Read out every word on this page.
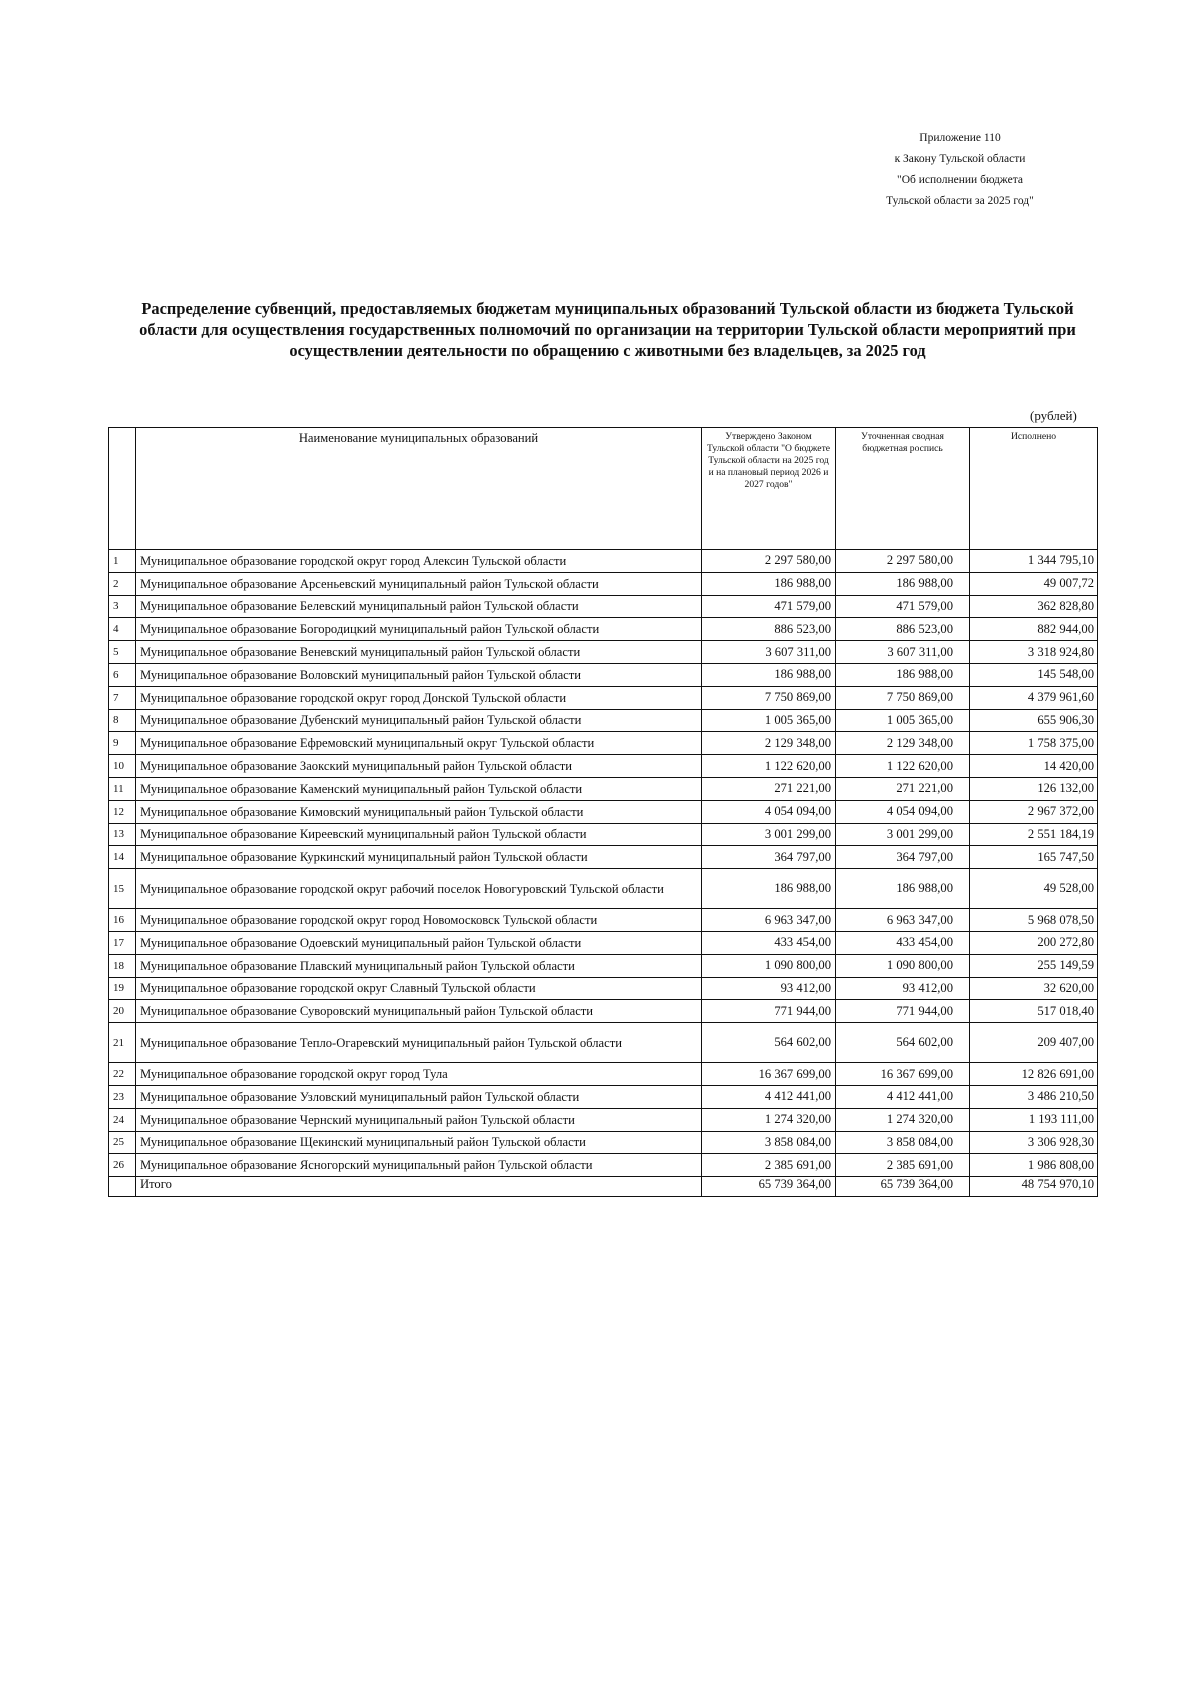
Приложение 110
к Закону Тульской области
"Об исполнении бюджета
Тульской области за 2025 год"
Распределение субвенций, предоставляемых бюджетам муниципальных образований Тульской области из бюджета Тульской области для осуществления государственных полномочий по организации на территории Тульской области мероприятий при осуществлении деятельности по обращению с животными без владельцев, за 2025 год
(рублей)
	Наименование муниципальных образований	Утверждено Законом Тульской области "О бюджете Тульской области на 2025 год и на плановый период 2026 и 2027 годов"	Уточненная сводная бюджетная роспись	Исполнено
1	Муниципальное образование городской округ город Алексин Тульской области	2 297 580,00	2 297 580,00	1 344 795,10
2	Муниципальное образование Арсеньевский муниципальный район Тульской области	186 988,00	186 988,00	49 007,72
3	Муниципальное образование Белевский муниципальный район Тульской области	471 579,00	471 579,00	362 828,80
4	Муниципальное образование Богородицкий муниципальный район Тульской области	886 523,00	886 523,00	882 944,00
5	Муниципальное образование Веневский муниципальный район Тульской области	3 607 311,00	3 607 311,00	3 318 924,80
6	Муниципальное образование Воловский муниципальный район Тульской области	186 988,00	186 988,00	145 548,00
7	Муниципальное образование городской округ город Донской Тульской области	7 750 869,00	7 750 869,00	4 379 961,60
8	Муниципальное образование Дубенский муниципальный район Тульской области	1 005 365,00	1 005 365,00	655 906,30
9	Муниципальное образование Ефремовский муниципальный округ Тульской области	2 129 348,00	2 129 348,00	1 758 375,00
10	Муниципальное образование Заокский муниципальный район Тульской области	1 122 620,00	1 122 620,00	14 420,00
11	Муниципальное образование Каменский муниципальный район Тульской области	271 221,00	271 221,00	126 132,00
12	Муниципальное образование Кимовский муниципальный район Тульской области	4 054 094,00	4 054 094,00	2 967 372,00
13	Муниципальное образование Киреевский муниципальный район Тульской области	3 001 299,00	3 001 299,00	2 551 184,19
14	Муниципальное образование Куркинский муниципальный район Тульской области	364 797,00	364 797,00	165 747,50
15	Муниципальное образование городской округ рабочий поселок Новогуровский Тульской области	186 988,00	186 988,00	49 528,00
16	Муниципальное образование городской округ город Новомосковск Тульской области	6 963 347,00	6 963 347,00	5 968 078,50
17	Муниципальное образование Одоевский муниципальный район Тульской области	433 454,00	433 454,00	200 272,80
18	Муниципальное образование Плавский муниципальный район Тульской области	1 090 800,00	1 090 800,00	255 149,59
19	Муниципальное образование городской округ Славный Тульской области	93 412,00	93 412,00	32 620,00
20	Муниципальное образование Суворовский муниципальный район Тульской области	771 944,00	771 944,00	517 018,40
21	Муниципальное образование Тепло-Огаревский муниципальный район Тульской области	564 602,00	564 602,00	209 407,00
22	Муниципальное образование городской округ город Тула	16 367 699,00	16 367 699,00	12 826 691,00
23	Муниципальное образование Узловский муниципальный район Тульской области	4 412 441,00	4 412 441,00	3 486 210,50
24	Муниципальное образование Чернский муниципальный район Тульской области	1 274 320,00	1 274 320,00	1 193 111,00
25	Муниципальное образование Щекинский муниципальный район Тульской области	3 858 084,00	3 858 084,00	3 306 928,30
26	Муниципальное образование Ясногорский муниципальный район Тульской области	2 385 691,00	2 385 691,00	1 986 808,00
	Итого	65 739 364,00	65 739 364,00	48 754 970,10
